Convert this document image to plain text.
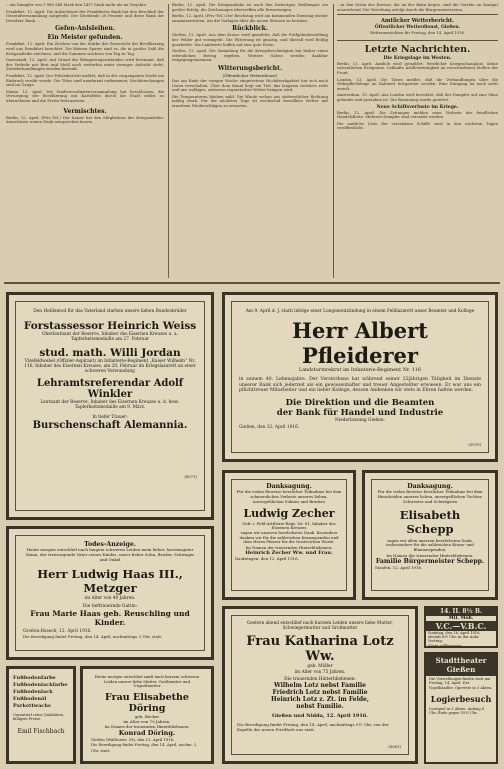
…ein Dampfer von 1 986 546 Mark den 1437 Mark mehr als im Vorjahre.

Frankfurt, 12. April. Die Aufsichtsrat der Frankfurter Bank hat den Beschluß der Generalversammlung mitgeteilt. Der Dividende 20 Prozent und diese Bank der Dresdner Bank …

Gefen-Anlsleihen.
Ein Meister gefunden.

Frankfurt, 12. April. Ein Zeichen von der Stärke der Zuversicht der Bevölkerung wird aus Frankfurt berichtet. Die kleinen Sparer sind es, die in großer Zahl die Kriegsanleihe zeichnen, und die Summen wachsen von Tag zu Tag.

Darmstadt, 12. April. Auf Grund des Belagerungszustandes wird bestimmt, daß der Verkehr mit Brot und Mehl auch weiterhin unter strenger Aufsicht steht; Zuwiderhandlungen werden bestraft.

Frankfurt, 12. April. Der Polizeibericht meldet, daß in der vergangenen Nacht ein Einbruch verübt wurde. Die Täter sind unerkannt entkommen; Nachforschungen sind im Gange.

Mainz, 12. April. Die Stadtverordnetenversammlung hat beschlossen, die Versorgung der Bevölkerung mit Kartoffeln durch die Stadt selbst zu übernehmen und die Preise festzusetzen.

Vermischtes.

Berlin, 12. April. (Priv.-Tel.) Der Kaiser hat den Mitgliedern der Kriegsanleihe-Ausschüsse seinen Dank aussprechen lassen.

Berlin, 12. April. Die Kriegsanleihe ist nach den bisherigen Meldungen ein großer Erfolg; die Zeichnungen übertreffen alle Erwartungen.

Berlin, 12. April. (Priv.-Tel.) Der Reichstag wird am kommenden Dienstag wieder zusammentreten, um die Vorlagen über die neuen Steuern zu beraten.

Rückblick.

Gießen, 12. April. Aus dem Kreise wird gemeldet, daß die Frühjahrsbestellung der Felder gut vorangeht. Die Witterung ist günstig, und überall wird fleißig gearbeitet. Die Landwirte hoffen auf eine gute Ernte.

Gießen, 12. April. Die Sammlung für die Kriegsbeschädigten hat bisher einen erfreulichen Betrag ergeben. Weitere Gaben werden dankbar entgegengenommen.

Witterungsbericht.
(Öffentlicher Wetterdienst)

Das am Ende der vorigen Woche eingetretene Hochdruckgebiet hat sich nach Osten verschoben. Über dem Kanal liegt ein Tief, das langsam ostwärts zieht und uns wolkiges, zeitweise regnerisches Wetter bringen wird.

Die Temperaturen bleiben mild. Die Winde wehen aus südwestlicher Richtung mäßig stark. Für die nächsten Tage ist wechselnd bewölktes Wetter mit einzelnen Niederschlägen zu erwarten.

…in den Orten des Kreises, die an der Bahn liegen, sind die Vorräte an Saatgut ausreichend. Die Verteilung erfolgt durch die Bürgermeistereien.

Amtlicher Wetterbericht.
Öffentlicher Wetterdienst, Gießen.
Wetteraussichten für Freitag, den 14. April 1916.
Letzte Nachrichten.
Die Kriegslage im Westen.

Berlin, 13. April. Amtlich wird gemeldet: Westlicher Kriegsschauplatz. Keine wesentlichen Ereignisse. Lebhafte Artillerietätigkeit an verschiedenen Stellen der Front.

London, 13. April. Die Times meldet, daß die Verhandlungen über die Wehrpflichtfrage im Kabinett fortgesetzt werden. Eine Einigung ist noch nicht erzielt.

Amsterdam, 13. April. Aus London wird berichtet, daß der Dampfer auf eine Mine gelaufen und gesunken ist. Die Besatzung wurde gerettet.

Neue Schiffsverluste im Kriege.

Berlin, 12. April. Die Zeitungen melden neue Verluste der feindlichen Handelsflotte. Mehrere Dampfer sind versenkt worden.

Die amtliche Liste der versenkten Schiffe wird in den nächsten Tagen veröffentlicht.

Den Heldentod für das Vaterland starben unsere lieben Bundesbrüder
Forstassessor Heinrich Weiss
Oberleutnant der Reserve, Inhaber des Eisernen Kreuzes u. a. Tapferkeitsmedaille am 27. Februar
stud. math. Willi Jordan
Vizefeldwebel (Offizier-Aspirant) im Infanterie-Regiment „Kaiser Wilhelm“ Nr. 116, Inhaber des Eisernen Kreuzes, am 20. Februar im Kriegslazarett an einer schweren Verwundung
Lehramtsreferendar Adolf Winkler
Leutnant der Reserve, Inhaber des Eisernen Kreuzes u. d. hess. Tapferkeitsmedaille am 9. März.
In tiefer Trauer:
Burschenschaft Alemannia.
(6071)
Am 9. April d. J. starb infolge einer Lungenentzündung in einem Feldlazarett unser Beamter und Kollege
Herr Albert Pfleiderer
Landsturmrekrut im Infanterie-Regiment Nr. 116
in seinem 40. Lebensjahre. Der Verstorbene hat während seiner 22jährigen Tätigkeit im Dienste unserer Bank sich jederzeit als ein gewissenhafter und treuer Angestellter erwiesen. Er war uns ein pflichttreuer Mitarbeiter und ein lieber Kollege, dessen Andenken wir stets in Ehren halten werden.
Die Direktion und die Beamten
der Bank für Handel und Industrie
Niederlassung Gießen.
Gießen, den 12. April 1916.
(5070)
Danksagung.
Für die vielen Beweise herzlicher Teilnahme bei dem schmerzlichen Verluste unseres lieben, unvergeßlichen Sohnes und Bruders
Ludwig Zecher
Gefr. i. Feld-Artillerie-Regt. Nr. 61, Inhaber des Eisernen Kreuzes
sagen wir unseren herzlichsten Dank. Besonders danken wir für die zahlreichen Kranzspenden und dem Herrn Pfarrer für die trostreichen Worte.
Im Namen der trauernden Hinterbliebenen:
Heinrich Zecher Ww. und Frau.
Daubringen, den 12. April 1916.
Danksagung.
Für die vielen Beweise herzlicher Teilnahme bei dem Hinscheiden unserer lieben, unvergeßlichen Tochter, Schwester und Schwägerin
Elisabeth Schepp
sagen wir allen unseren herzlichsten Dank, insbesondere für die zahlreichen Kranz- und Blumenspenden.
Im Namen der trauernden Hinterbliebenen:
Familie Bürgermeister Schepp.
Staufen, 12. April 1916.
Todes-Anzeige.
Heute morgen entschlief nach langem schweren Leiden mein lieber, herzensguter Mann, der treusorgende Vater seines Kindes, unser lieber Sohn, Bruder, Schwager und Onkel
Herr Ludwig Haas III., Metzger
im Alter von 40 Jahren.
Die tieftrauernde Gattin:
Frau Marie Haas geb. Reuschling und Kinder.
Großen-Buseck, 12. April 1916.
Die Beerdigung findet Freitag, den 14. April, nachmittags 3 Uhr, statt.
Gestern abend entschlief nach kurzem Leiden unsere liebe Mutter, Schwiegermutter und Großmutter
Frau Katharina Lotz Ww.
geb. Müller
im Alter von 75 Jahren.
Die trauernden Hinterbliebenen:
Wilhelm Lotz nebst Familie
Friedrich Lotz nebst Familie
Heinrich Lotz z. Zt. im Felde,
nebst Familie.
Gießen und Nidda, 12. April 1916.
Die Beerdigung findet Freitag, den 14. April, nachmittags 3½ Uhr, von der Kapelle des neuen Friedhofs aus statt.
(6061)
Fußbodenfarbe
Fußbodenlackfarbe
Fußbodenlack
Fußbodenöl
Parkettwachs
Garantiert reine Qualitäten, billigste Preise.
Emil Fischbach
Heute morgen entschlief sanft nach kurzem schweren Leiden unsere liebe Mutter, Großmutter und Urgroßmutter
Frau Elisabethe Döring
geb. Becker
im Alter von 79 Jahren.
Im Namen der trauernden Hinterbliebenen:
Konrad Döring.
Gießen (Walltorstr. 39), den 12. April 1916.
Die Beerdigung findet Freitag, den 14. April, nachm. 2 Uhr, statt.
14. II. 8½ B.
Mil. Mob.
V.C.—V.B.C.
Sonntag, den 16. April 1916, abends 8½ Uhr, in der Aula: Vortrag.
Gäste willkommen.
Stadttheater Gießen
Die Vorstellungen finden statt am Freitag, 14. April: Der Vogelhändler. Operette in 3 Akten.
Logierbesuch
Lustspiel in 3 Akten. Anfang 8 Uhr. Ende gegen 10½ Uhr.
